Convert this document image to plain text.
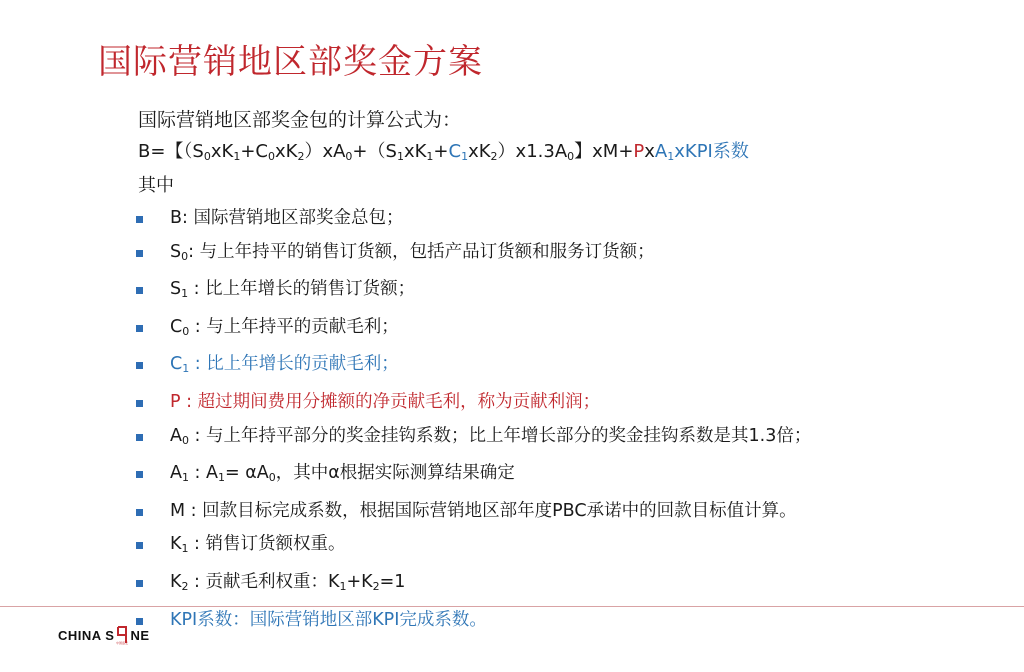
国际营销地区部奖金方案

国际营销地区部奖金包的计算公式为：

B=【$(S_0xK_1+C_0xK_2)xA_0+(S_1xK_1+C_1xK_2)x1.3A_0$】xM+PxA$_1$xKPI系数

其中

B: 国际营销地区部奖金总包；
$S_0$: 与上年持平的销售订货额，包括产品订货额和服务订货额；
$S_1$ : 比上年增长的销售订货额；
$C_0$ : 与上年持平的贡献毛利；
$C_1$ : 比上年增长的贡献毛利；
P : 超过期间费用分摊额的净贡献毛利，称为贡献利润；
$A_0$ : 与上年持平部分的奖金挂钩系数；比上年增长部分的奖金挂钩系数是其1.3倍；
$A_1$ : $A_1= \alpha A_0$，其中α根据实际测算结果确定
M : 回款目标完成系数，根据国际营销地区部年度PBC承诺中的回款目标值计算。
$K_1$ : 销售订货额权重。
$K_2$ : 贡献毛利权重：$K_1+K_2=1$
KPI系数：国际营销地区部KPI完成系数。
CHINA S
中国盛安
NE
